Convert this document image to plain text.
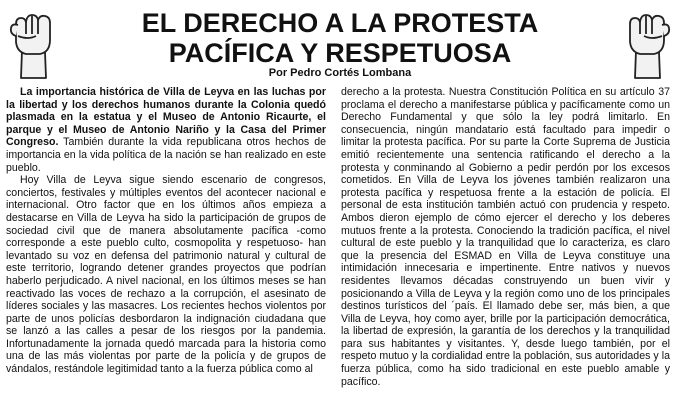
EL DERECHO A LA PROTESTA
PACÍFICA Y RESPETUOSA
Por Pedro Cortés Lombana

La importancia histórica de Villa de Leyva en las luchas por la libertad y los derechos humanos durante la Colonia quedó plasmada en la estatua y el Museo de Antonio Ricaurte, el parque y el Museo de Antonio Nariño y la Casa del Primer Congreso. También durante la vida republicana otros hechos de importancia en la vida política de la nación se han realizado en este pueblo.

Hoy Villa de Leyva sigue siendo escenario de congresos, conciertos, festivales y múltiples eventos del acontecer nacional e internacional. Otro factor que en los últimos años empieza a destacarse en Villa de Leyva ha sido la participación de grupos de sociedad civil que de manera absolutamente pacífica -como corresponde a este pueblo culto, cosmopolita y respetuoso- han levantado su voz en defensa del patrimonio natural y cultural de este territorio, logrando detener grandes proyectos que podrían haberlo perjudicado. A nivel nacional, en los últimos meses se han reactivado las voces de rechazo a la corrupción, el asesinato de líderes sociales y las masacres. Los recientes hechos violentos por parte de unos policías desbordaron la indignación ciudadana que se lanzó a las calles a pesar de los riesgos por la pandemia. Infortunadamente la jornada quedó marcada para la historia como una de las más violentas por parte de la policía y de grupos de vándalos, restándole legitimidad tanto a la fuerza pública como al

derecho a la protesta. Nuestra Constitución Política en su artículo 37 proclama el derecho a manifestarse pública y pacíficamente como un Derecho Fundamental y que sólo la ley podrá limitarlo. En consecuencia, ningún mandatario está facultado para impedir o limitar la protesta pacífica. Por su parte la Corte Suprema de Justicia emitió recientemente una sentencia ratificando el derecho a la protesta y conminando al Gobierno a pedir perdón por los excesos cometidos. En Villa de Leyva los jóvenes también realizaron una protesta pacífica y respetuosa frente a la estación de policía. El personal de esta institución también actuó con prudencia y respeto. Ambos dieron ejemplo de cómo ejercer el derecho y los deberes mutuos frente a la protesta. Conociendo la tradición pacífica, el nivel cultural de este pueblo y la tranquilidad que lo caracteriza, es claro que la presencia del ESMAD en Villa de Leyva constituye una intimidación innecesaria e impertinente. Entre nativos y nuevos residentes llevamos décadas construyendo un buen vivir y posicionando a Villa de Leyva y la región como uno de los principales destinos turísticos del ´país. El llamado debe ser, más bien, a que Villa de Leyva, hoy como ayer, brille por la participación democrática, la libertad de expresión, la garantía de los derechos y la tranquilidad para sus habitantes y visitantes. Y, desde luego también, por el respeto mutuo y la cordialidad entre la población, sus autoridades y la fuerza pública, como ha sido tradicional en este pueblo amable y pacífico.
